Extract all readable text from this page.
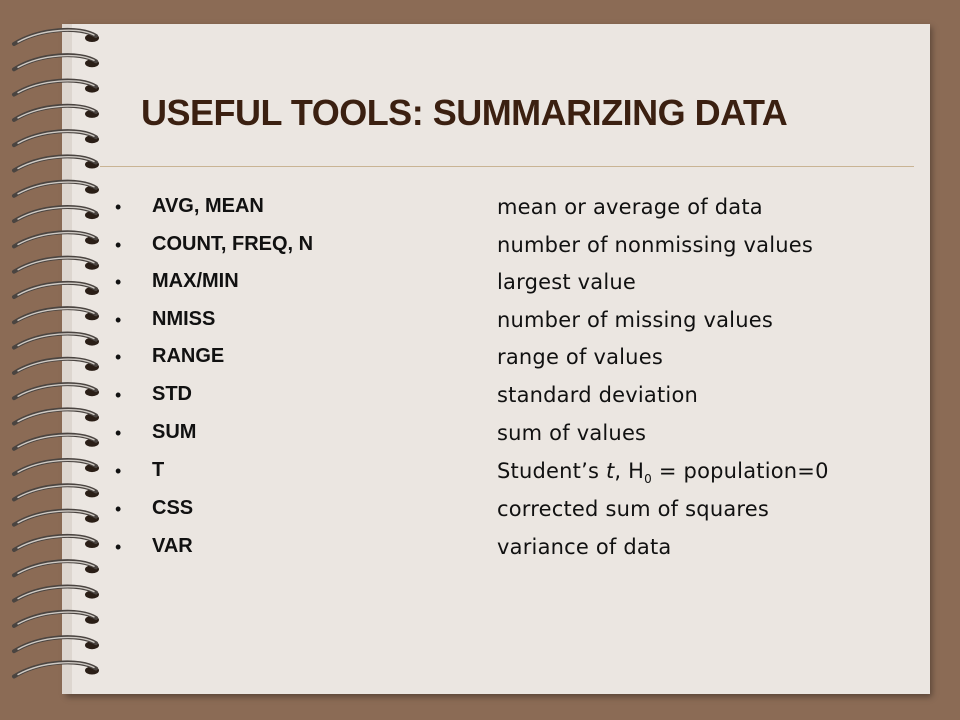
USEFUL TOOLS: SUMMARIZING DATA
• AVG, MEAN	mean or average of data
• COUNT, FREQ, N	number of nonmissing values
• MAX/MIN	largest value
• NMISS	number of missing values
• RANGE	range of values
• STD	standard deviation
• SUM	sum of values
• T	Student’s t, $H_0$ = population=0
• CSS	corrected sum of squares
• VAR	variance of data
